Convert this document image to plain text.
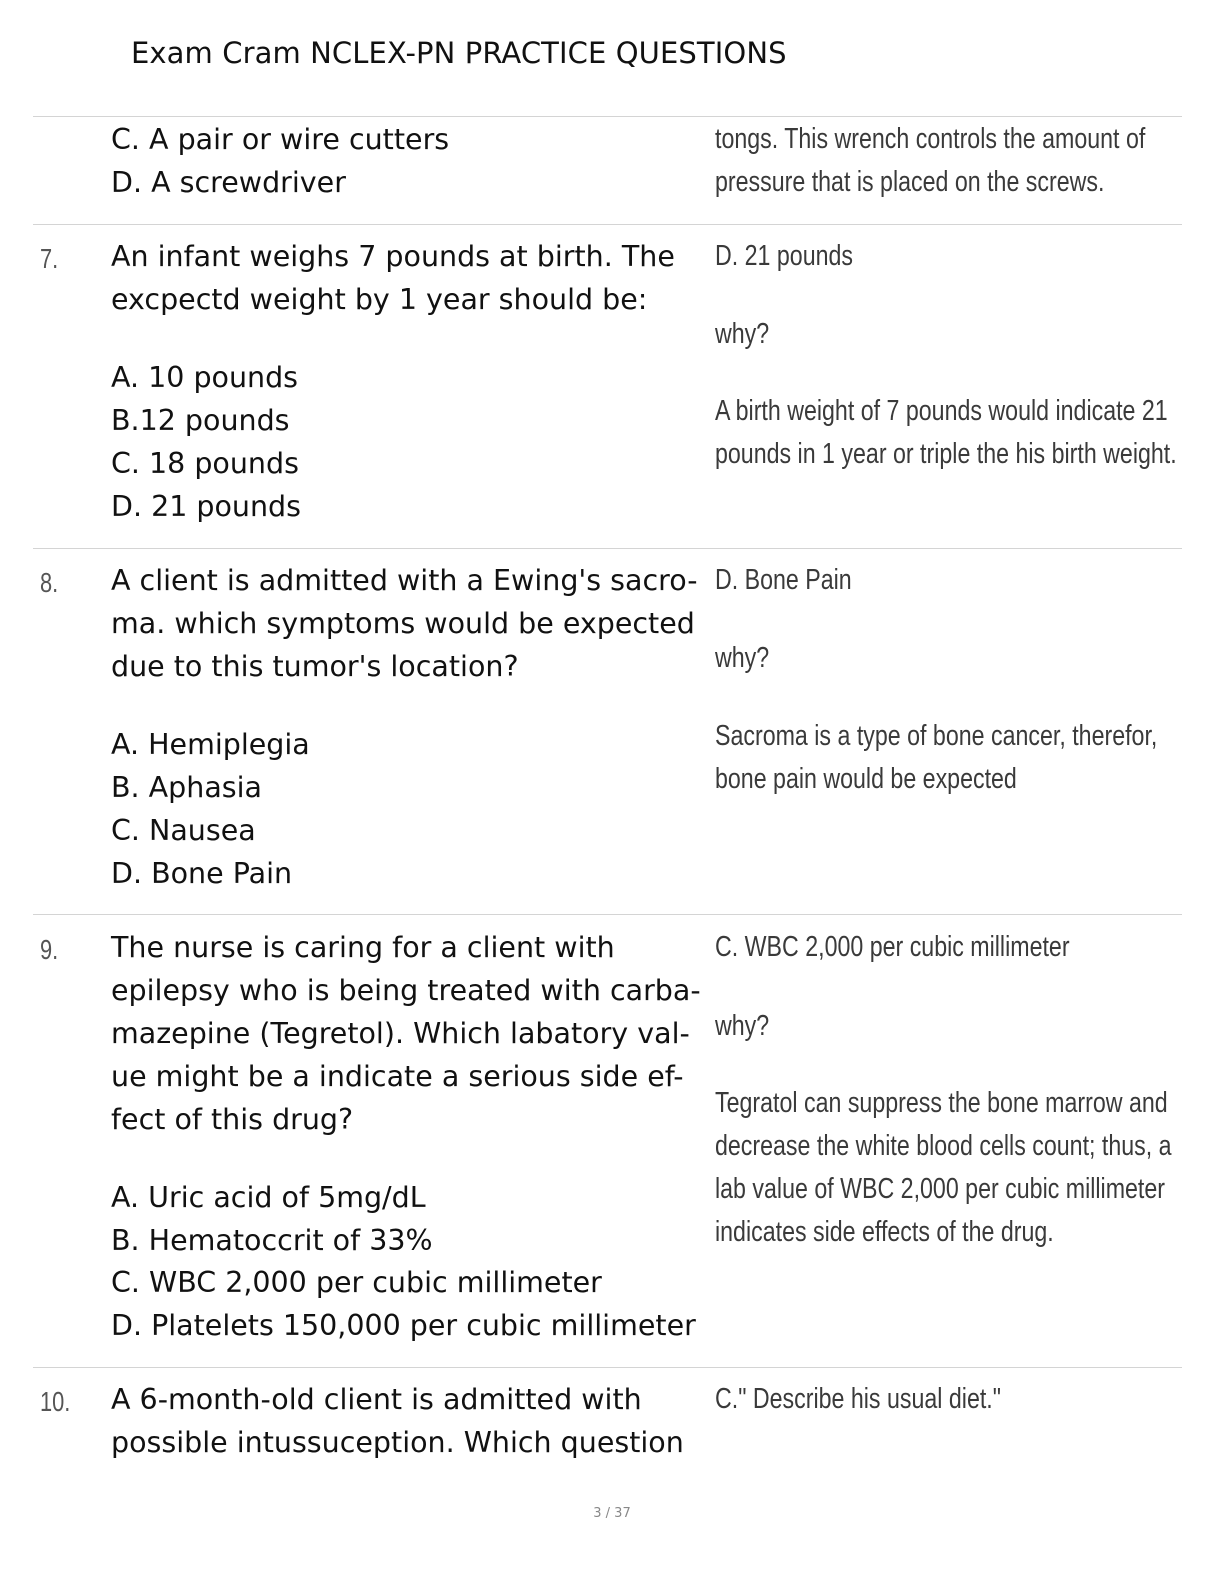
Exam Cram NCLEX-PN PRACTICE QUESTIONS
C. A pair or wire cutters
D. A screwdriver
tongs. This wrench controls the amount of
pressure that is placed on the screws.
7. An infant weighs 7 pounds at birth. The
excpectd weight by 1 year should be:
A. 10 pounds
B.12 pounds
C. 18 pounds
D. 21 pounds
D. 21 pounds
why?
A birth weight of 7 pounds would indicate 21
pounds in 1 year or triple the his birth weight.
8. A client is admitted with a Ewing's sacro-
ma. which symptoms would be expected
due to this tumor's location?
A. Hemiplegia
B. Aphasia
C. Nausea
D. Bone Pain
D. Bone Pain
why?
Sacroma is a type of bone cancer, therefor,
bone pain would be expected
9. The nurse is caring for a client with
epilepsy who is being treated with carba-
mazepine (Tegretol). Which labatory val-
ue might be a indicate a serious side ef-
fect of this drug?
A. Uric acid of 5mg/dL
B. Hematoccrit of 33%
C. WBC 2,000 per cubic millimeter
D. Platelets 150,000 per cubic millimeter
C. WBC 2,000 per cubic millimeter
why?
Tegratol can suppress the bone marrow and
decrease the white blood cells count; thus, a
lab value of WBC 2,000 per cubic millimeter
indicates side effects of the drug.
10. A 6-month-old client is admitted with
possible intussuception. Which question
C." Describe his usual diet."
3 / 37
